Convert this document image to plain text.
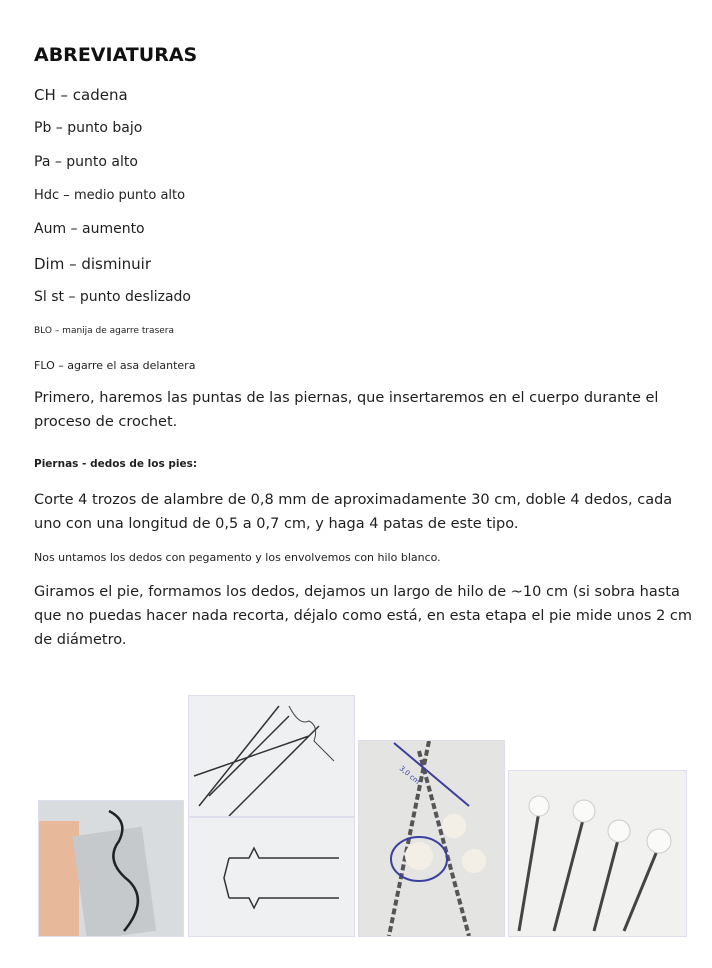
ABREVIATURAS
CH – cadena
Pb – punto bajo
Pa – punto alto
Hdc – medio punto alto
Aum – aumento
Dim – disminuir
Sl st – punto deslizado
BLO – manija de agarre trasera
FLO – agarre el asa delantera
Primero, haremos las puntas de las piernas, que insertaremos en el cuerpo durante el proceso de crochet.
Piernas - dedos de los pies:
Corte 4 trozos de alambre de 0,8 mm de aproximadamente 30 cm, doble 4 dedos, cada uno con una longitud de 0,5 a 0,7 cm, y haga 4 patas de este tipo.
Nos untamos los dedos con pegamento y los envolvemos con hilo blanco.
Giramos el pie, formamos los dedos, dejamos un largo de hilo de ~10 cm (si sobra hasta que no puedas hacer nada recorta, déjalo como está, en esta etapa el pie mide unos 2 cm de diámetro.
3,0 cm
